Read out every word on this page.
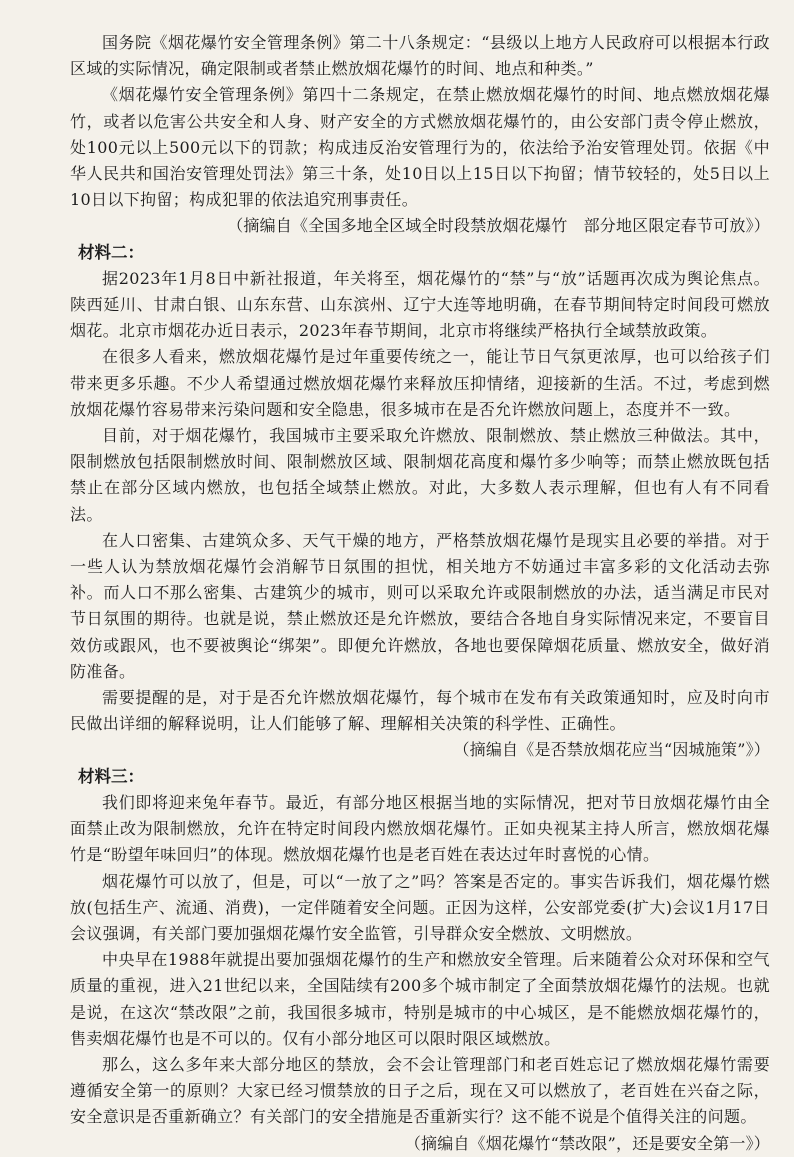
国务院《烟花爆竹安全管理条例》第二十八条规定：“县级以上地方人民政府可以根据本行政区域的实际情况，确定限制或者禁止燃放烟花爆竹的时间、地点和种类。”

《烟花爆竹安全管理条例》第四十二条规定，在禁止燃放烟花爆竹的时间、地点燃放烟花爆竹，或者以危害公共安全和人身、财产安全的方式燃放烟花爆竹的，由公安部门责令停止燃放，处100元以上500元以下的罚款；构成违反治安管理行为的，依法给予治安管理处罚。依据《中华人民共和国治安管理处罚法》第三十条，处10日以上15日以下拘留；情节较轻的，处5日以上10日以下拘留；构成犯罪的依法追究刑事责任。

（摘编自《全国多地全区域全时段禁放烟花爆竹　部分地区限定春节可放》）

材料二：

据2023年1月8日中新社报道，年关将至，烟花爆竹的“禁”与“放”话题再次成为舆论焦点。陕西延川、甘肃白银、山东东营、山东滨州、辽宁大连等地明确，在春节期间特定时间段可燃放烟花。北京市烟花办近日表示，2023年春节期间，北京市将继续严格执行全域禁放政策。

在很多人看来，燃放烟花爆竹是过年重要传统之一，能让节日气氛更浓厚，也可以给孩子们带来更多乐趣。不少人希望通过燃放烟花爆竹来释放压抑情绪，迎接新的生活。不过，考虑到燃放烟花爆竹容易带来污染问题和安全隐患，很多城市在是否允许燃放问题上，态度并不一致。

目前，对于烟花爆竹，我国城市主要采取允许燃放、限制燃放、禁止燃放三种做法。其中，限制燃放包括限制燃放时间、限制燃放区域、限制烟花高度和爆竹多少响等；而禁止燃放既包括禁止在部分区域内燃放，也包括全域禁止燃放。对此，大多数人表示理解，但也有人有不同看法。

在人口密集、古建筑众多、天气干燥的地方，严格禁放烟花爆竹是现实且必要的举措。对于一些人认为禁放烟花爆竹会消解节日氛围的担忧，相关地方不妨通过丰富多彩的文化活动去弥补。而人口不那么密集、古建筑少的城市，则可以采取允许或限制燃放的办法，适当满足市民对节日氛围的期待。也就是说，禁止燃放还是允许燃放，要结合各地自身实际情况来定，不要盲目效仿或跟风，也不要被舆论“绑架”。即便允许燃放，各地也要保障烟花质量、燃放安全，做好消防准备。

需要提醒的是，对于是否允许燃放烟花爆竹，每个城市在发布有关政策通知时，应及时向市民做出详细的解释说明，让人们能够了解、理解相关决策的科学性、正确性。

（摘编自《是否禁放烟花应当“因城施策”》）

材料三：

我们即将迎来兔年春节。最近，有部分地区根据当地的实际情况，把对节日放烟花爆竹由全面禁止改为限制燃放，允许在特定时间段内燃放烟花爆竹。正如央视某主持人所言，燃放烟花爆竹是“盼望年味回归”的体现。燃放烟花爆竹也是老百姓在表达过年时喜悦的心情。

烟花爆竹可以放了，但是，可以“一放了之”吗？答案是否定的。事实告诉我们，烟花爆竹燃放(包括生产、流通、消费)，一定伴随着安全问题。正因为这样，公安部党委(扩大)会议1月17日会议强调，有关部门要加强烟花爆竹安全监管，引导群众安全燃放、文明燃放。

中央早在1988年就提出要加强烟花爆竹的生产和燃放安全管理。后来随着公众对环保和空气质量的重视，进入21世纪以来，全国陆续有200多个城市制定了全面禁放烟花爆竹的法规。也就是说，在这次“禁改限”之前，我国很多城市，特别是城市的中心城区，是不能燃放烟花爆竹的，售卖烟花爆竹也是不可以的。仅有小部分地区可以限时限区域燃放。

那么，这么多年来大部分地区的禁放，会不会让管理部门和老百姓忘记了燃放烟花爆竹需要遵循安全第一的原则？大家已经习惯禁放的日子之后，现在又可以燃放了，老百姓在兴奋之际，安全意识是否重新确立？有关部门的安全措施是否重新实行？这不能不说是个值得关注的问题。

（摘编自《烟花爆竹“禁改限”，还是要安全第一》）
